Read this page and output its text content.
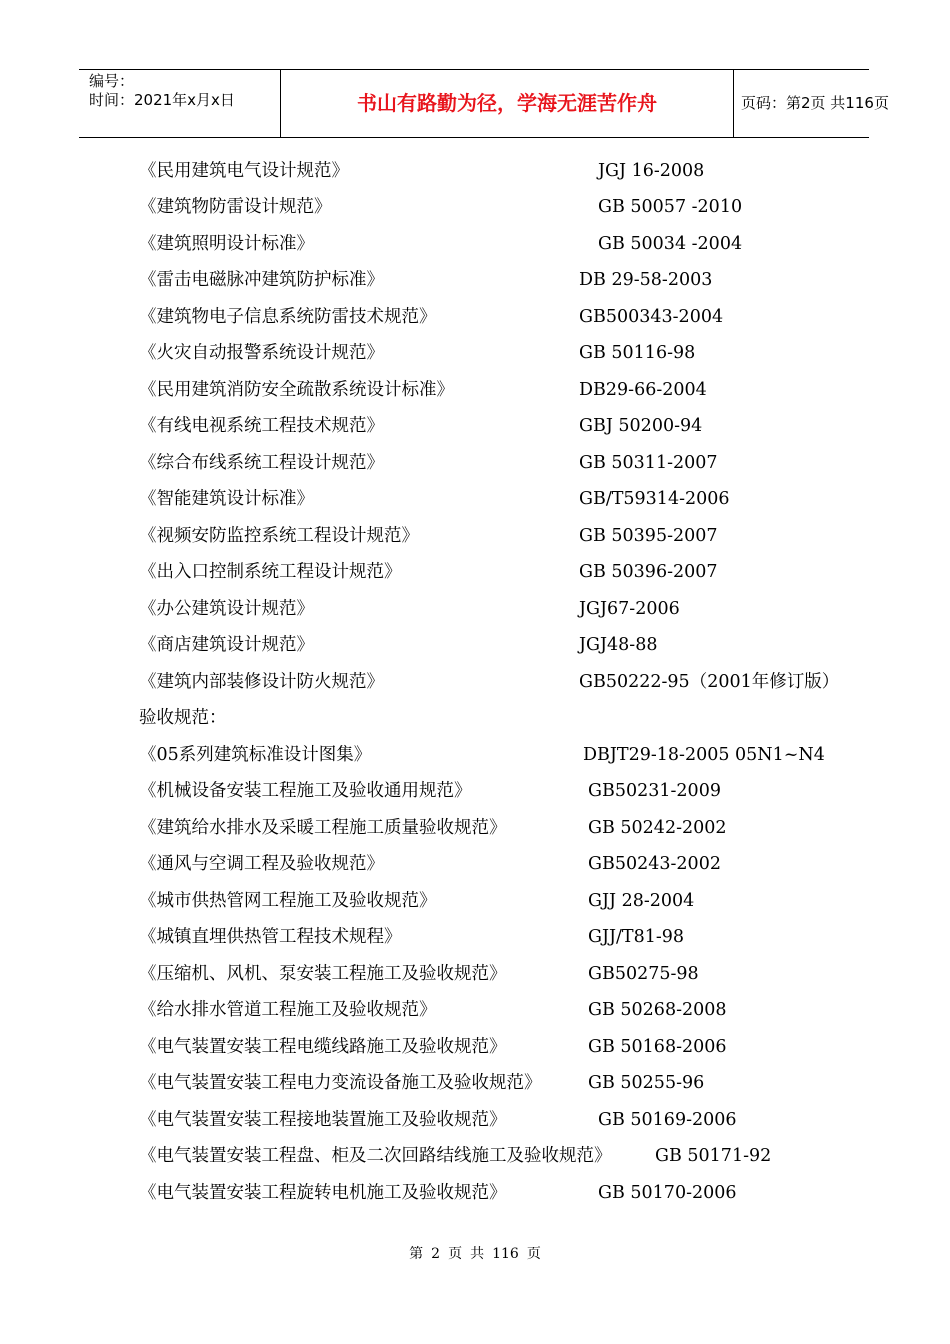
编号：
时间：2021年x月x日	书山有路勤为径，学海无涯苦作舟	页码：第2页 共116页
《民用建筑电气设计规范》	JGJ 16-2008
《建筑物防雷设计规范》	GB 50057 -2010
《建筑照明设计标准》	GB 50034 -2004
《雷击电磁脉冲建筑防护标准》	DB 29-58-2003
《建筑物电子信息系统防雷技术规范》	GB500343-2004
《火灾自动报警系统设计规范》	GB 50116-98
《民用建筑消防安全疏散系统设计标准》	DB29-66-2004
《有线电视系统工程技术规范》	GBJ 50200-94
《综合布线系统工程设计规范》	GB 50311-2007
《智能建筑设计标准》	GB/T59314-2006
《视频安防监控系统工程设计规范》	GB 50395-2007
《出入口控制系统工程设计规范》	GB 50396-2007
《办公建筑设计规范》	JGJ67-2006
《商店建筑设计规范》	JGJ48-88
《建筑内部装修设计防火规范》	GB50222-95（2001年修订版）
验收规范：
《05系列建筑标准设计图集》	DBJT29-18-2005 05N1~N4
《机械设备安装工程施工及验收通用规范》	GB50231-2009
《建筑给水排水及采暖工程施工质量验收规范》	GB 50242-2002
《通风与空调工程及验收规范》	GB50243-2002
《城市供热管网工程施工及验收规范》	GJJ 28-2004
《城镇直埋供热管工程技术规程》	GJJ/T81-98
《压缩机、风机、泵安装工程施工及验收规范》	GB50275-98
《给水排水管道工程施工及验收规范》	GB 50268-2008
《电气装置安装工程电缆线路施工及验收规范》	GB 50168-2006
《电气装置安装工程电力变流设备施工及验收规范》	GB 50255-96
《电气装置安装工程接地装置施工及验收规范》	GB 50169-2006
《电气装置安装工程盘、柜及二次回路结线施工及验收规范》 GB 50171-92
《电气装置安装工程旋转电机施工及验收规范》	GB 50170-2006
第 2 页 共 116 页
